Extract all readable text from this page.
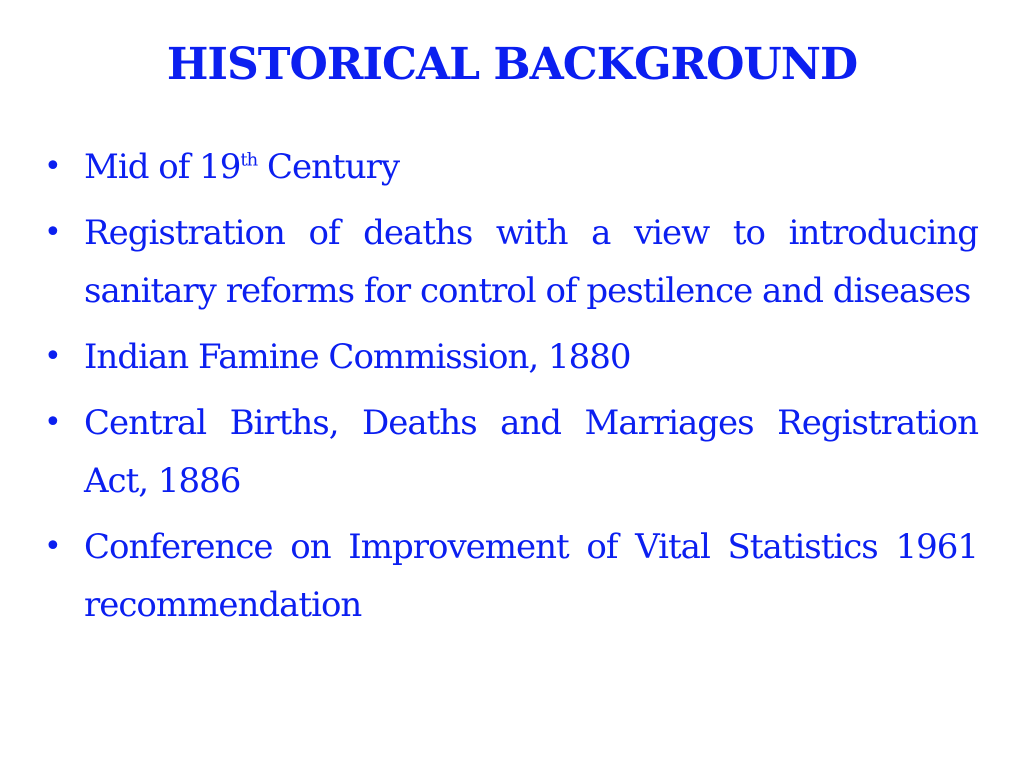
HISTORICAL BACKGROUND
• Mid of 19th Century
• Registration of deaths with a view to introducing sanitary reforms for control of pestilence and diseases
• Indian Famine Commission, 1880
• Central Births, Deaths and Marriages Registration Act, 1886
• Conference on Improvement of Vital Statistics 1961 recommendation
